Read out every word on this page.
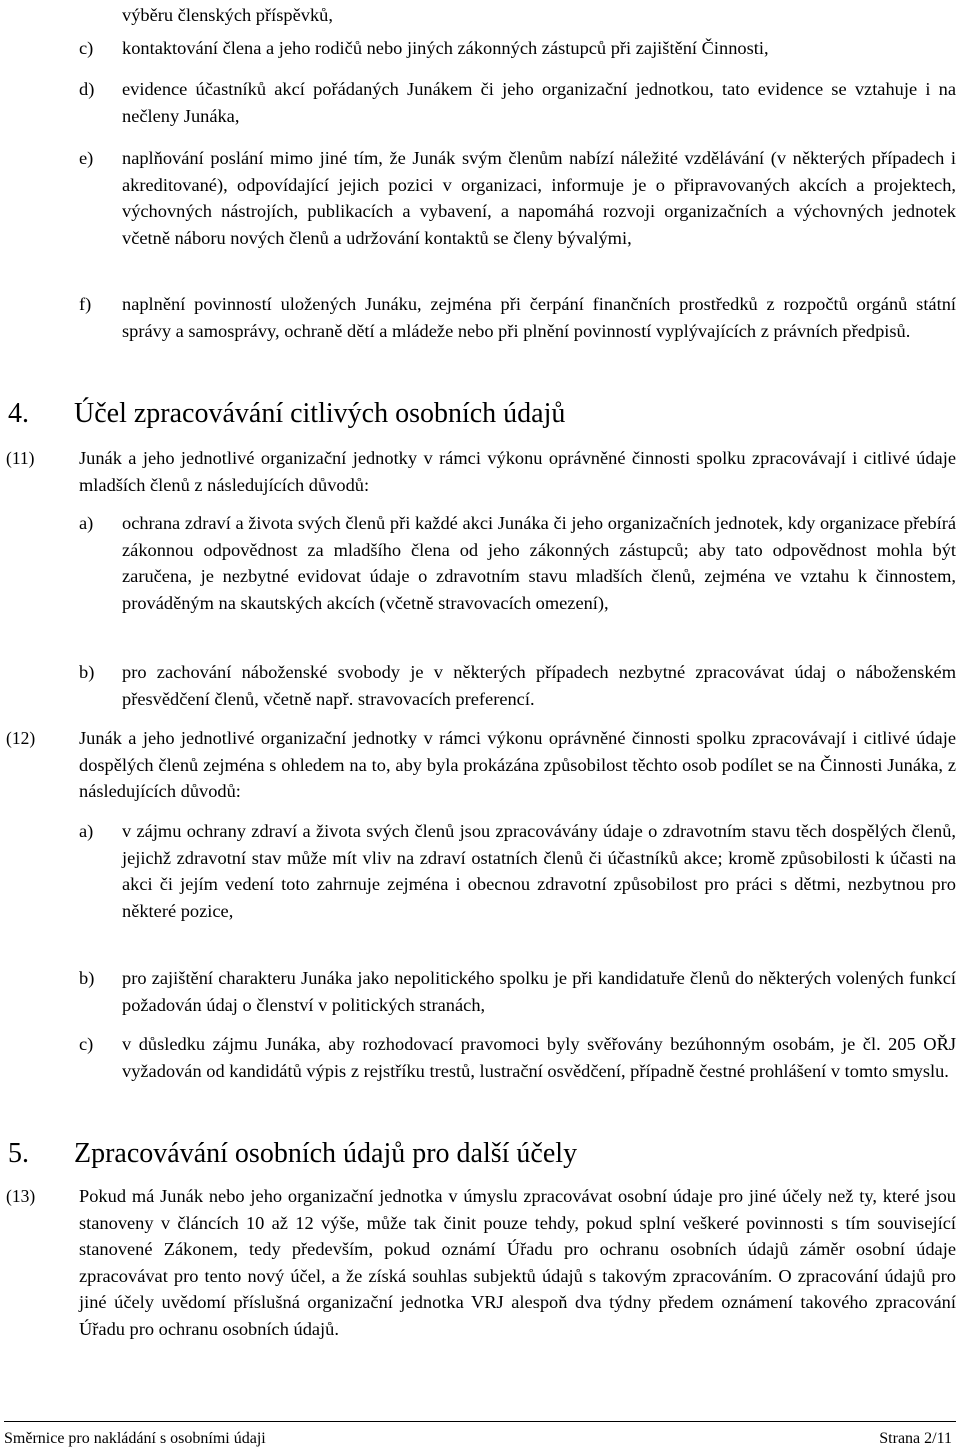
výběru členských příspěvků,

c) kontaktování člena a jeho rodičů nebo jiných zákonných zástupců při zajištění Činnosti,

d) evidence účastníků akcí pořádaných Junákem či jeho organizační jednotkou, tato evidence se vztahuje i na nečleny Junáka,

e) naplňování poslání mimo jiné tím, že Junák svým členům nabízí náležité vzdělávání (v některých případech i akreditované), odpovídající jejich pozici v organizaci, informuje je o připravovaných akcích a projektech, výchovných nástrojích, publikacích a vybavení, a napomáhá rozvoji organizačních a výchovných jednotek včetně náboru nových členů a udržování kontaktů se členy bývalými,

f) naplnění povinností uložených Junáku, zejména při čerpání finančních prostředků z rozpočtů orgánů státní správy a samosprávy, ochraně dětí a mládeže nebo při plnění povinností vyplývajících z právních předpisů.

4. Účel zpracovávání citlivých osobních údajů
(11) Junák a jeho jednotlivé organizační jednotky v rámci výkonu oprávněné činnosti spolku zpracovávají i citlivé údaje mladších členů z následujících důvodů:

a) ochrana zdraví a života svých členů při každé akci Junáka či jeho organizačních jednotek, kdy organizace přebírá zákonnou odpovědnost za mladšího člena od jeho zákonných zástupců; aby tato odpovědnost mohla být zaručena, je nezbytné evidovat údaje o zdravotním stavu mladších členů, zejména ve vztahu k činnostem, prováděným na skautských akcích (včetně stravovacích omezení),

b) pro zachování náboženské svobody je v některých případech nezbytné zpracovávat údaj o náboženském přesvědčení členů, včetně např. stravovacích preferencí.

(12) Junák a jeho jednotlivé organizační jednotky v rámci výkonu oprávněné činnosti spolku zpracovávají i citlivé údaje dospělých členů zejména s ohledem na to, aby byla prokázána způsobilost těchto osob podílet se na Činnosti Junáka, z následujících důvodů:

a) v zájmu ochrany zdraví a života svých členů jsou zpracovávány údaje o zdravotním stavu těch dospělých členů, jejichž zdravotní stav může mít vliv na zdraví ostatních členů či účastníků akce; kromě způsobilosti k účasti na akci či jejím vedení toto zahrnuje zejména i obecnou zdravotní způsobilost pro práci s dětmi, nezbytnou pro některé pozice,

b) pro zajištění charakteru Junáka jako nepolitického spolku je při kandidatuře členů do některých volených funkcí požadován údaj o členství v politických stranách,

c) v důsledku zájmu Junáka, aby rozhodovací pravomoci byly svěřovány bezúhonným osobám, je čl. 205 OŘJ vyžadován od kandidátů výpis z rejstříku trestů, lustrační osvědčení, případně čestné prohlášení v tomto smyslu.

5. Zpracovávání osobních údajů pro další účely
(13) Pokud má Junák nebo jeho organizační jednotka v úmyslu zpracovávat osobní údaje pro jiné účely než ty, které jsou stanoveny v článcích 10 až 12 výše, může tak činit pouze tehdy, pokud splní veškeré povinnosti s tím související stanovené Zákonem, tedy především, pokud oznámí Úřadu pro ochranu osobních údajů záměr osobní údaje zpracovávat pro tento nový účel, a že získá souhlas subjektů údajů s takovým zpracováním. O zpracování údajů pro jiné účely uvědomí příslušná organizační jednotka VRJ alespoň dva týdny předem oznámení takového zpracování Úřadu pro ochranu osobních údajů.

Směrnice pro nakládání s osobními údaji	Strana 2/11
